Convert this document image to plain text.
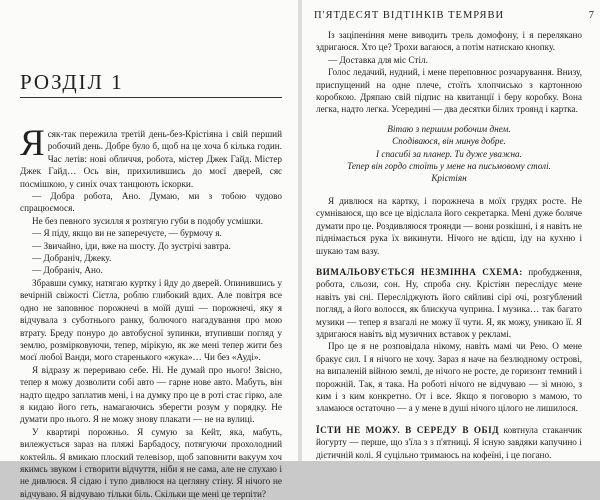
РОЗДІЛ 1

Ясяк-так пережила третій день-без-Крістіяна і свій перший робочий день. Добре було б, щоб на це хоча б кілька годин. Час летів: нові обличчя, робота, містер Джек Гайд. Містер Джек Гайд… Ось він, прихилившись до моєї дверей, сяє посмішкою, у синіх очах танцюють іскорки.

— Добра робота, Ано. Думаю, ми з тобою чудово спрацюємося.

Не без певного зусилля я розтягую губи в подобу усмішки.

— Я піду, якщо ви не заперечуєте, — бурмочу я.

— Звичайно, іди, вже на шосту. До зустрічі завтра.

— Добраніч, Джеку.

— Добраніч, Ано.

Збравши сумку, натягаю куртку і йду до дверей. Опинившись у вечірній свіжості Сієтла, роблю глибокий вдих. Але повітря все одно не заповнює порожнечі в моїй душі — порожнечі, яку я відчувала з суботнього ранку, болючого нагадування про мою втрату. Бреду понуро до автобусної зупинки, втупивши погляд у землю, розмірковуючи, тепер, мірікую, як же мені тепер жити без моєї любої Ванди, мого старенького «жука»… Чи без «Ауді».

Я відразу ж перериваю себе. Ні. Не думай про нього! Звісно, тепер я можу дозволити собі авто — гарне нове авто. Мабуть, він надто щедро заплатив мені, і на думку про це в роті стає гірко, але я кидаю його геть, намагаючись зберегти розум у порядку. Не думати про нього. Я не можу знову плакати — не на вулиці.

У квартирі порожньо. Я сумую за Кейт, яка, мабуть, вилежується зараз на пляжі Барбадосу, потягуючи прохолодний коктейль. Я вмикаю плоский телевізор, щоб заповнити вакуум хоч якимсь звуком і створити відчуття, ніби я не сама, але не слухаю і не дивлюся. Я сідаю і тупо дивлюся на цегляну стіну. Я нічого не відчуваю. Я відчуваю тільки біль. Скільки ще мені це терпіти?

П'ЯТДЕСЯТ ВІДТІНКІВ ТЕМРЯВИ	7

Із заціпеніння мене виводить трель домофону, і я перелякано здригаюся. Хто це? Трохи вагаюся, а потім натискаю кнопку.

— Доставка для міс Стіл.

Голос ледачий, нудний, і мене переповнює розчарування. Внизу, приспущений на одне плече, стоїть хлопчисько з картонною коробкою. Дряпаю свій підпис на квитанції і беру коробку. Вона легка, надто легка. Усередині — два десятки білих троянд і картка.

Вітаю з першим робочим днем.
Сподіваюся, він минув добре.
І спасибі за планер. Ти дуже уважна.
Тепер він гордо стоїть у мене на письмовому столі.
Крістіян

Я дивлюся на картку, і порожнеча в моїх грудях росте. Не сумніваюся, що все це відіслала його секретарка. Мені дуже боляче думати про це. Роздивляюся троянди — вони розкішні, і я навіть не піднімається рука їх викинути. Нічого не вдієш, іду на кухню і шукаю там вазу.

ВИМАЛЬОВУЄТЬСЯ НЕЗМІННА СХЕМА: пробудження, робота, сльози, сон. Ну, спроба сну. Крістіян переслідує мене навіть уві сні. Пересліджують його сяйливі сірі очі, розгублений погляд, а його волосся, як блискуча чуприна. І музика… так багато музики — тепер я взагалі не можу її чути. Я, як можу, уникаю її. Я здригаюся навіть від музичних вставок у рекламі.

Про це я не розповідала нікому, навіть мамі чи Рею. О мене бракує сил. І я нічого не хочу. Зараз я наче на безлюдному острові, на випаленій війною землі, де нічого не росте, де горизонт темний і порожній. Так, я така. На роботі нічого не відчуваю — зі мною, з ким і з ким конкретно. От і все. Якщо я поговорю з мамою, то зламаюся остаточно — а у мене в душі нічого цілого не лишилося.

ЇСТИ НЕ МОЖУ. В СЕРЕДУ В ОБІД ковтнула стаканчик йогурту — перше, що з'їла з з п'ятниці. Я існую завдяки капучино і дієтичній колі. Я суцільно тримаюсь на кофеїні, і це погано.
